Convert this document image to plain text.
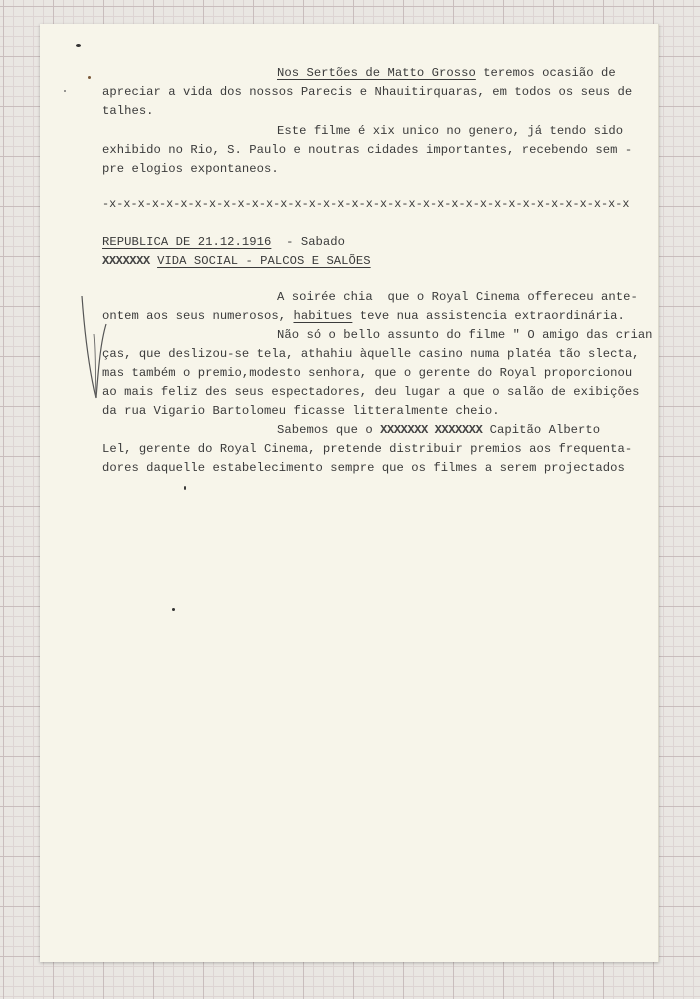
Nos Sertões de Matto Grosso teremos ocasião de
apreciar a vida dos nossos Parecis e Nhauitirquaras, em todos os seus de
talhes.
Este filme é xix unico no genero, já tendo sido
exhibido no Rio, S. Paulo e noutras cidades importantes, recebendo sem -
pre elogios expontaneos.
-x-x-x-x-x-x-x-x-x-x-x-x-x-x-x-x-x-x-x-x-x-x-x-x-x-x-x-x-x-x-x-x-x-x-x-x-x
REPUBLICA DE 21.12.1916  - Sabado
XXXXXXX VIDA SOCIAL - PALCOS E SALÕES
A soirée chia  que o Royal Cinema offereceu ante-
ontem aos seus numerosos, habitues teve nua assistencia extraordinária.
Não só o bello assunto do filme " O amigo das crian
ças, que deslizou-se tela, athahiu àquelle casino numa platéa tão slecta,
mas também o premio,modesto senhora, que o gerente do Royal proporcionou
ao mais feliz des seus espectadores, deu lugar a que o salão de exibições
da rua Vigario Bartolomeu ficasse litteralmente cheio.
Sabemos que o XXXXXXX XXXXXXX Capitão Alberto
Lel, gerente do Royal Cinema, pretende distribuir premios aos frequenta-
dores daquelle estabelecimento sempre que os filmes a serem projectados
